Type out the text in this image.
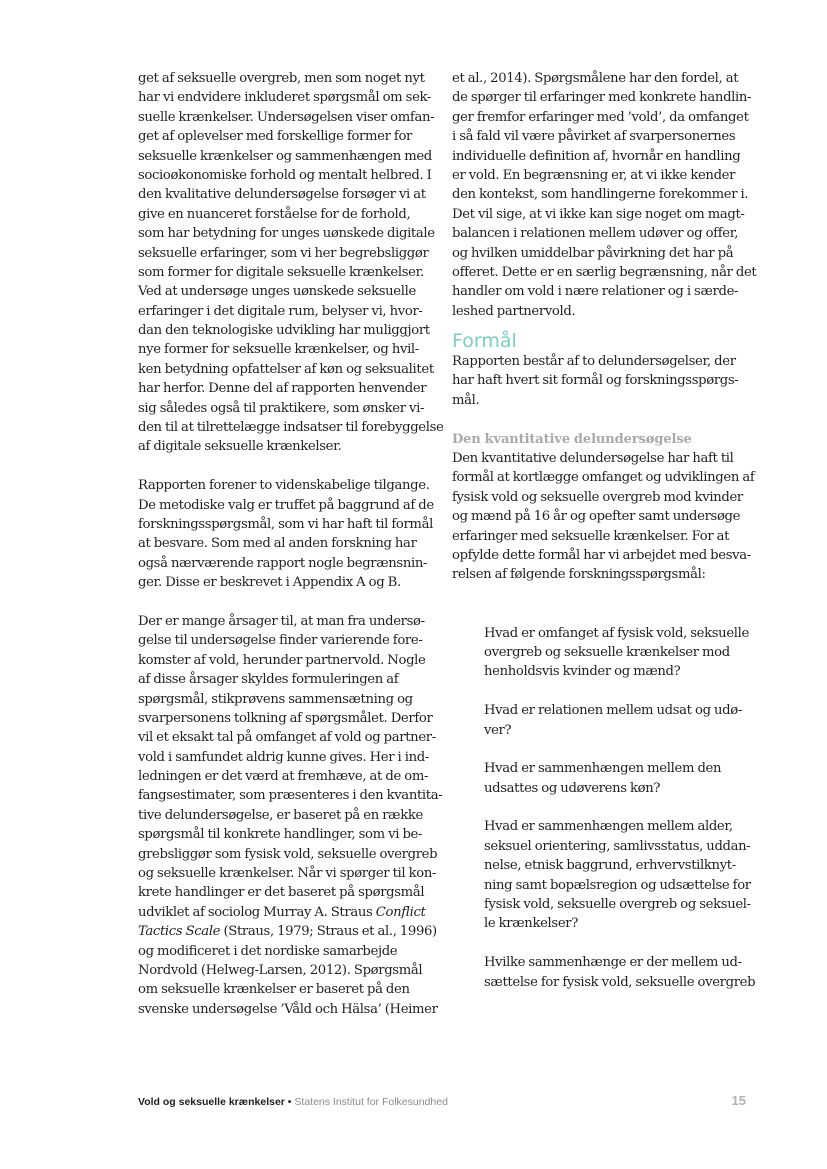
get af seksuelle overgreb, men som noget nyt
har vi endvidere inkluderet spørgsmål om sek-
suelle krænkelser. Undersøgelsen viser omfan-
get af oplevelser med forskellige former for
seksuelle krænkelser og sammenhængen med
socioøkonomiske forhold og mentalt helbred. I
den kvalitative delundersøgelse forsøger vi at
give en nuanceret forståelse for de forhold,
som har betydning for unges uønskede digitale
seksuelle erfaringer, som vi her begrebsliggør
som former for digitale seksuelle krænkelser.
Ved at undersøge unges uønskede seksuelle
erfaringer i det digitale rum, belyser vi, hvor-
dan den teknologiske udvikling har muliggjort
nye former for seksuelle krænkelser, og hvil-
ken betydning opfattelser af køn og seksualitet
har herfor. Denne del af rapporten henvender
sig således også til praktikere, som ønsker vi-
den til at tilrettelægge indsatser til forebyggelse
af digitale seksuelle krænkelser.
Rapporten forener to videnskabelige tilgange.
De metodiske valg er truffet på baggrund af de
forskningsspørgsmål, som vi har haft til formål
at besvare. Som med al anden forskning har
også nærværende rapport nogle begrænsnin-
ger. Disse er beskrevet i Appendix A og B.
Der er mange årsager til, at man fra undersø-
gelse til undersøgelse finder varierende fore-
komster af vold, herunder partnervold. Nogle
af disse årsager skyldes formuleringen af
spørgsmål, stikprøvens sammensætning og
svarpersonens tolkning af spørgsmålet. Derfor
vil et eksakt tal på omfanget af vold og partner-
vold i samfundet aldrig kunne gives. Her i ind-
ledningen er det værd at fremhæve, at de om-
fangsestimater, som præsenteres i den kvantita-
tive delundersøgelse, er baseret på en række
spørgsmål til konkrete handlinger, som vi be-
grebsliggør som fysisk vold, seksuelle overgreb
og seksuelle krænkelser. Når vi spørger til kon-
krete handlinger er det baseret på spørgsmål
udviklet af sociolog Murray A. Straus Conflict
Tactics Scale (Straus, 1979; Straus et al., 1996)
og modificeret i det nordiske samarbejde
Nordvold (Helweg-Larsen, 2012). Spørgsmål
om seksuelle krænkelser er baseret på den
svenske undersøgelse ’Våld och Hälsa’ (Heimer
et al., 2014). Spørgsmålene har den fordel, at
de spørger til erfaringer med konkrete handlin-
ger fremfor erfaringer med ’vold’, da omfanget
i så fald vil være påvirket af svarpersonernes
individuelle definition af, hvornår en handling
er vold. En begrænsning er, at vi ikke kender
den kontekst, som handlingerne forekommer i.
Det vil sige, at vi ikke kan sige noget om magt-
balancen i relationen mellem udøver og offer,
og hvilken umiddelbar påvirkning det har på
offeret. Dette er en særlig begrænsning, når det
handler om vold i nære relationer og i særde-
leshed partnervold.
Formål
Rapporten består af to delundersøgelser, der
har haft hvert sit formål og forskningsspørgs-
mål.
Den kvantitative delundersøgelse
Den kvantitative delundersøgelse har haft til
formål at kortlægge omfanget og udviklingen af
fysisk vold og seksuelle overgreb mod kvinder
og mænd på 16 år og opefter samt undersøge
erfaringer med seksuelle krænkelser. For at
opfylde dette formål har vi arbejdet med besva-
relsen af følgende forskningsspørgsmål:
Hvad er omfanget af fysisk vold, seksuelle
overgreb og seksuelle krænkelser mod
henholdsvis kvinder og mænd?
Hvad er relationen mellem udsat og udø-
ver?
Hvad er sammenhængen mellem den
udsattes og udøverens køn?
Hvad er sammenhængen mellem alder,
seksuel orientering, samlivsstatus, uddan-
nelse, etnisk baggrund, erhvervstilknyt-
ning samt bopælsregion og udsættelse for
fysisk vold, seksuelle overgreb og seksuel-
le krænkelser?
Hvilke sammenhænge er der mellem ud-
sættelse for fysisk vold, seksuelle overgreb
Vold og seksuelle krænkelser • Statens Institut for Folkesundhed	15
